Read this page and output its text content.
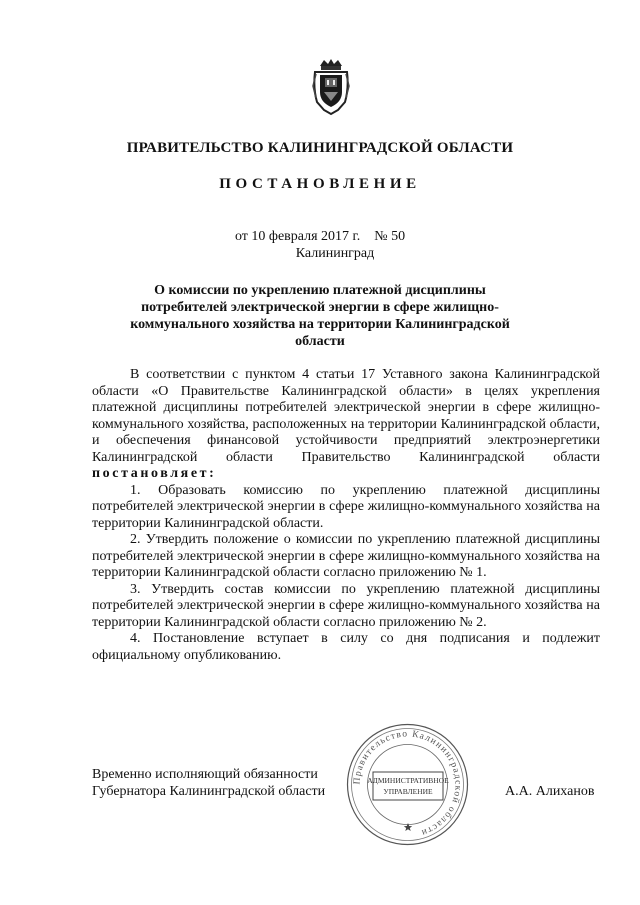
ПРАВИТЕЛЬСТВО КАЛИНИНГРАДСКОЙ ОБЛАСТИ
ПОСТАНОВЛЕНИЕ
от 10 февраля 2017 г. № 50
Калининград
О комиссии по укреплению платежной дисциплины потребителей электрической энергии в сфере жилищно-коммунального хозяйства на территории Калининградской области

В соответствии с пунктом 4 статьи 17 Уставного закона Калининградской области «О Правительстве Калининградской области» в целях укрепления платежной дисциплины потребителей электрической энергии в сфере жилищно-коммунального хозяйства, расположенных на территории Калининградской области, и обеспечения финансовой устойчивости предприятий электроэнергетики Калининградской области Правительство Калининградской области постановляет:

1. Образовать комиссию по укреплению платежной дисциплины потребителей электрической энергии в сфере жилищно-коммунального хозяйства на территории Калининградской области.

2. Утвердить положение о комиссии по укреплению платежной дисциплины потребителей электрической энергии в сфере жилищно-коммунального хозяйства на территории Калининградской области согласно приложению № 1.

3. Утвердить состав комиссии по укреплению платежной дисциплины потребителей электрической энергии в сфере жилищно-коммунального хозяйства на территории Калининградской области согласно приложению № 2.

4. Постановление вступает в силу со дня подписания и подлежит официальному опубликованию.

Временно исполняющий обязанности
Губернатора Калининградской области
Правительство Калининградской области
АДМИНИСТРАТИВНОЕ
УПРАВЛЕНИЕ	А.А. Алиханов
